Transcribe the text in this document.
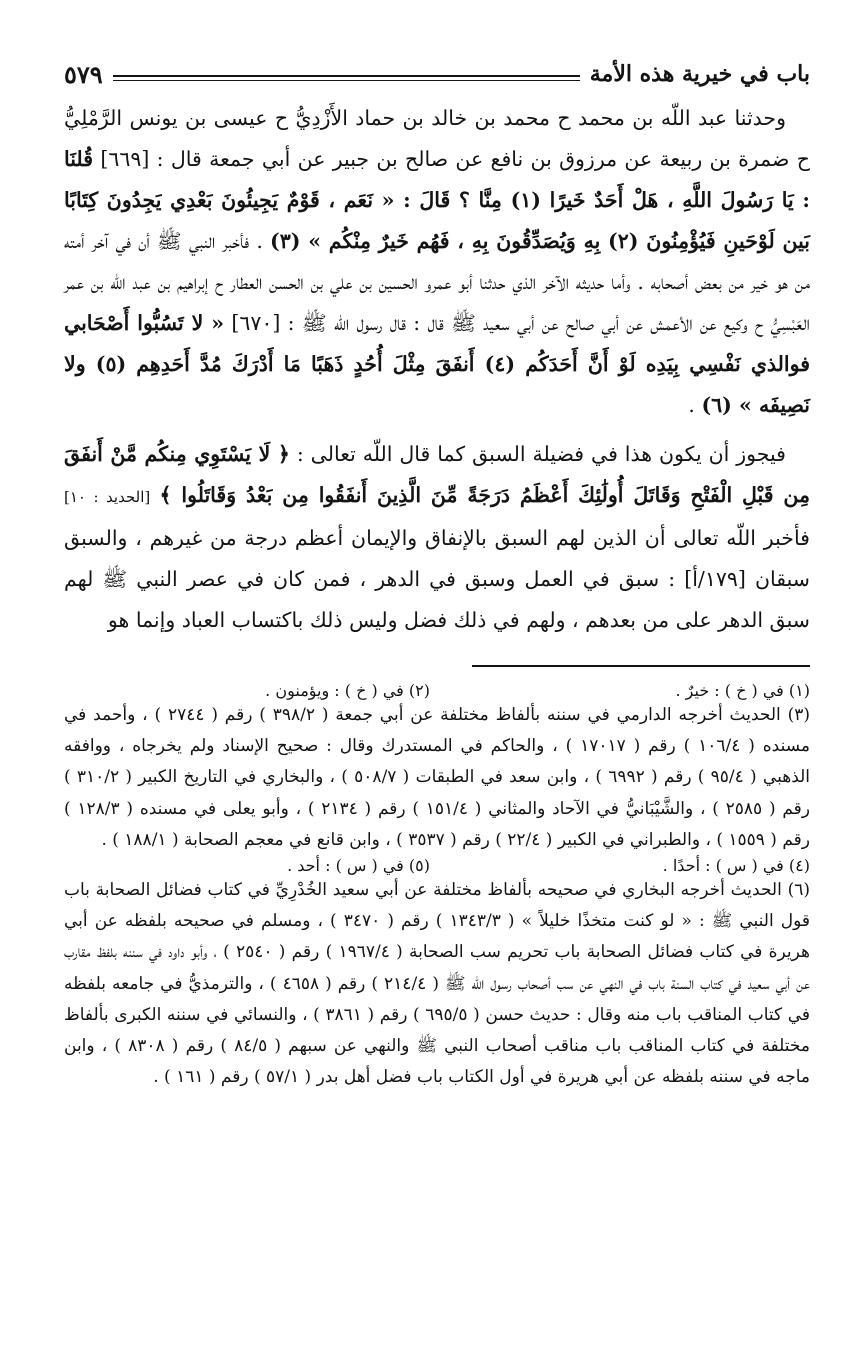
باب في خيرية هذه الأمة
٥٧٩

وحدثنا عبد اللّه بن محمد ح محمد بن خالد بن حماد الأَزْدِيُّ ح عيسى بن يونس الرَّمْلِيُّ ح ضمرة بن ربيعة عن مرزوق بن نافع عن صالح بن جبير عن أبي جمعة قال : [٦٦٩] قُلنَا : يَا رَسُولَ اللَّهِ ، هَلْ أَحَدٌ خَيرًا (١) مِنَّا ؟ قَالَ : « نَعَم ، قَوْمٌ يَجِيئُونَ بَعْدِي يَجِدُونَ كِتَابًا بَين لَوْحَينِ فَيُؤْمِنُونَ (٢) بِهِ وَيُصَدِّقُونَ بِهِ ، فَهُم خَيرٌ مِنْكُم » (٣) . فأخبر النبي ﷺ أن في آخر أمته من هو خير من بعض أصحابه . وأما حديثه الآخر الذي حدثنا أبو عمرو الحسين بن علي بن الحسن العطار ح إبراهيم بن عبد اللّه بن عمر العَبْسِيُّ ح وكيع عن الأعمش عن أبي صالح عن أبي سعيد ﷺ قال : قال رسول اللّه ﷺ : [٦٧٠] « لا تَسُبُّوا أَصْحَابي فوالذي نَفْسِي بِيَدِه لَوْ أَنَّ أَحَدَكُم (٤) أَنفَقَ مِثْلَ أُحُدٍ ذَهَبًا مَا أَدْرَكَ مُدَّ أَحَدِهِم (٥) ولا نَصِيفَه » (٦) .

فيجوز أن يكون هذا في فضيلة السبق كما قال اللّه تعالى : ﴿ لَا يَسْتَوِي مِنكُم مَّنْ أَنفَقَ مِن قَبْلِ الْفَتْحِ وَقَاتَلَ أُولَٰئِكَ أَعْظَمُ دَرَجَةً مِّنَ الَّذِينَ أَنفَقُوا مِن بَعْدُ وَقَاتَلُوا ﴾ [الحديد : ١٠] فأخبر اللّه تعالى أن الذين لهم السبق بالإنفاق والإيمان أعظم درجة من غيرهم ، والسبق سبقان [١٧٩/أ] : سبق في العمل وسبق في الدهر ، فمن كان في عصر النبي ﷺ لهم سبق الدهر على من بعدهم ، ولهم في ذلك فضل وليس ذلك باكتساب العباد وإنما هو

(١) في ( خ ) : خيرٌ .
(٢) في ( خ ) : ويؤمنون .

(٣) الحديث أخرجه الدارمي في سننه بألفاظ مختلفة عن أبي جمعة ( ٣٩٨/٢ ) رقم ( ٢٧٤٤ ) ، وأحمد في مسنده ( ١٠٦/٤ ) رقم ( ١٧٠١٧ ) ، والحاكم في المستدرك وقال : صحيح الإسناد ولم يخرجاه ، ووافقه الذهبي ( ٩٥/٤ ) رقم ( ٦٩٩٢ ) ، وابن سعد في الطبقات ( ٥٠٨/٧ ) ، والبخاري في التاريخ الكبير ( ٣١٠/٢ ) رقم ( ٢٥٨٥ ) ، والشَّيْبَانيُّ في الآحاد والمثاني ( ١٥١/٤ ) رقم ( ٢١٣٤ ) ، وأبو يعلى في مسنده ( ١٢٨/٣ ) رقم ( ١٥٥٩ ) ، والطبراني في الكبير ( ٢٢/٤ ) رقم ( ٣٥٣٧ ) ، وابن قانع في معجم الصحابة ( ١٨٨/١ ) .

(٤) في ( س ) : أحدًا .
(٥) في ( س ) : أحد .

(٦) الحديث أخرجه البخاري في صحيحه بألفاظ مختلفة عن أبي سعيد الخُدْرِيِّ في كتاب فضائل الصحابة باب قول النبي ﷺ : « لو كنت متخذًا خليلاً » ( ١٣٤٣/٣ ) رقم ( ٣٤٧٠ ) ، ومسلم في صحيحه بلفظه عن أبي هريرة في كتاب فضائل الصحابة باب تحريم سب الصحابة ( ١٩٦٧/٤ ) رقم ( ٢٥٤٠ ) ، وأبو داود في سننه بلفظ مقارب عن أبي سعيد في كتاب السنة باب في النهي عن سب أصحاب رسول اللّه ﷺ ( ٢١٤/٤ ) رقم ( ٤٦٥٨ ) ، والترمذيُّ في جامعه بلفظه في كتاب المناقب باب منه وقال : حديث حسن ( ٦٩٥/٥ ) رقم ( ٣٨٦١ ) ، والنسائي في سننه الكبرى بألفاظ مختلفة في كتاب المناقب باب مناقب أصحاب النبي ﷺ والنهي عن سبهم ( ٨٤/٥ ) رقم ( ٨٣٠٨ ) ، وابن ماجه في سننه بلفظه عن أبي هريرة في أول الكتاب باب فضل أهل بدر ( ٥٧/١ ) رقم ( ١٦١ ) .
